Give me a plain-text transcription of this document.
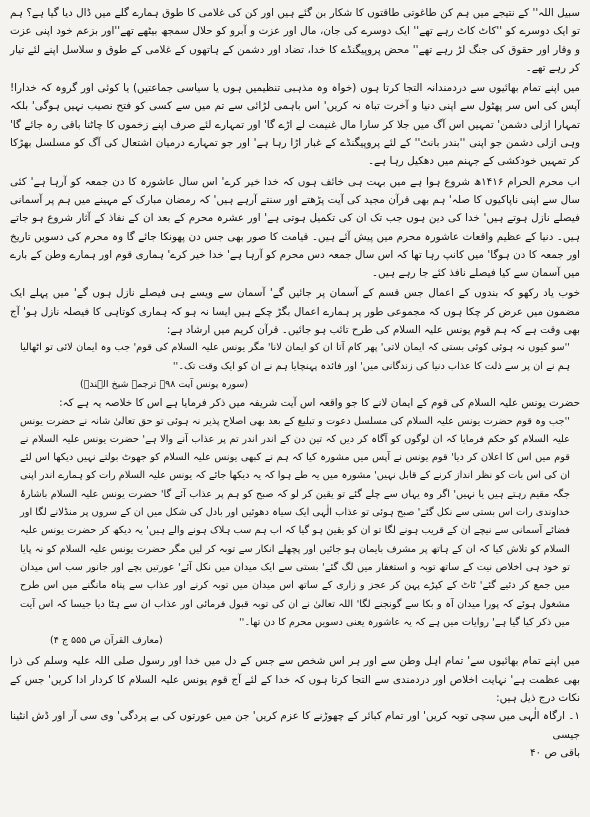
سبیل اللہ'' کے نتیجے میں ہم کن طاغوتی طاقتوں کا شکار بن گئے ہیں اور کن کی غلامی کا طوق ہمارے گلے میں ڈال دیا گیا ہے؟ ہم تو ایک دوسرے کو ''کاٹ کاٹ رہے تھے'' ایک دوسرے کی جان، مال اور عزت و آبرو کو حلال سمجھ بیٹھے تھے''اور بزعم خود اپنی عزت و وقار اور حقوق کی جنگ لڑ رہے تھے'' محض پروپیگنڈے کا خدا، تضاد اور دشمن کے ہاتھوں کے غلامی کے طوق و سلاسل اپنے لئے تیار کر رہے تھے۔

میں اپنے تمام بھائیوں سے دردمندانہ التجا کرتا ہوں (خواہ وہ مذہبی تنظیمیں ہوں یا سیاسی جماعتیں) یا کوئی اور گروہ کہ خدارا! آپس کی اس سر پھٹول سے اپنی دنیا و آخرت تباہ نہ کریں' اس باہمی لڑائی سے تم میں سے کسی کو فتح نصیب نہیں ہوگی' بلکہ تمہارا ازلی دشمن' تمہیں اس آگ میں جلا کر سارا مال غنیمت لے اڑے گا' اور تمہارے لئے صرف اپنے زخموں کا چاٹنا باقی رہ جائے گا' وہی ازلی دشمن جو اپنی ''بندر بانٹ'' کے لئے پروپیگنڈے کے غبار اڑا رہا ہے' اور جو تمہارے درمیان اشتعال کی آگ کو مسلسل بھڑکا کر تمہیں خودکشی کے جہنم میں دھکیل رہا ہے۔

اب محرم الحرام ۱۴۱۶ھ شروع ہوا ہے میں بہت ہی خائف ہوں کہ خدا خیر کرے' اس سال عاشورہ کا دن جمعہ کو آرہا ہے' کئی سال سے اپنی ناپاکیوں کا صلہ' ہم بھی قرآن مجید کی آیت پڑھتے اور سنتے آرہے ہیں' کہ رمضان مبارک کے مہینے میں ہم پر آسمانی فیصلے نازل ہوتے ہیں' خدا کی دین ہوں جب تک ان کی تکمیل ہوتی ہے' اور عشرہ محرم کے بعد ان کے نفاذ کے آثار شروع ہو جاتے ہیں۔ دنیا کے عظیم واقعات عاشورہ محرم میں پیش آئے ہیں۔ قیامت کا صور بھی جس دن پھونکا جائے گا وہ محرم کی دسویں تاریخ اور جمعہ کا دن ہوگا' میں کانپ رہا تھا کہ اس سال جمعہ دس محرم کو آرہا ہے' خدا خیر کرے' ہماری قوم اور ہمارے وطن کے بارے میں آسمان سے کیا فیصلے نافذ کئے جا رہے ہیں۔

خوب یاد رکھو کہ بندوں کے اعمال جس قسم کے آسمان پر جائیں گے' آسمان سے ویسے ہی فیصلے نازل ہوں گے' میں پہلے ایک مضمون میں عرض کر چکا ہوں کہ مجموعی طور پر ہمارے اعمال بگڑ چکے ہیں ایسا نہ ہو کہ ہماری کوتاہی کا فیصلہ نازل ہو' آج بھی وقت ہے کہ ہم قوم یونس علیہ السلام کی طرح تائب ہو جائیں۔ قرآن کریم میں ارشاد ہے:

''سو کیوں نہ ہوئی کوئی بستی کہ ایمان لاتی' پھر کام آتا ان کو ایمان لانا' مگر یونس علیہ السلام کی قوم' جب وہ ایمان لائی تو اٹھالیا ہم نے ان پر سے ذلت کا عذاب دنیا کی زندگانی میں' اور فائدہ پہنچایا ہم نے ان کو ایک وقت تک۔''

(سورہ یونس آیت ۹۸۔ ترجمہ شیخ الہندؒ)

حضرت یونس علیہ السلام کی قوم کے ایمان لانے کا جو واقعہ اس آیت شریفہ میں ذکر فرمایا ہے اس کا خلاصہ یہ ہے کہ:

''جب وہ قوم حضرت یونس علیہ السلام کی مسلسل دعوت و تبلیغ کے بعد بھی اصلاح پذیر نہ ہوئی تو حق تعالیٰ شانہ نے حضرت یونس علیہ السلام کو حکم فرمایا کہ ان لوگوں کو آگاہ کر دیں کہ تین دن کے اندر اندر تم پر عذاب آنے والا ہے' حضرت یونس علیہ السلام نے قوم میں اس کا اعلان کر دیا' قوم یونس نے آپس میں مشورہ کیا کہ ہم نے کبھی یونس علیہ السلام کو جھوٹ بولتے نہیں دیکھا اس لئے ان کی اس بات کو نظر انداز کرنے کے قابل نہیں' مشورہ میں یہ طے ہوا کہ یہ دیکھا جائے کہ یونس علیہ السلام رات کو ہمارے اندر اپنی جگہ مقیم رہتے ہیں یا نہیں' اگر وہ یہاں سے چلے گئے تو یقین کر لو کہ صبح کو ہم پر عذاب آئے گا' حضرت یونس علیہ السلام باشارۂ خداوندی رات اس بستی سے نکل گئے' صبح ہوئی تو عذاب الٰہی ایک سیاہ دھوئیں اور بادل کی شکل میں ان کے سروں پر منڈلانے لگا اور فضائے آسمانی سے نیچے ان کے قریب ہونے لگا تو ان کو یقین ہو گیا کہ اب ہم سب ہلاک ہونے والے ہیں' یہ دیکھ کر حضرت یونس علیہ السلام کو تلاش کیا کہ ان کے ہاتھ پر مشرف بایمان ہو جائیں اور پچھلے انکار سے توبہ کر لیں مگر حضرت یونس علیہ السلام کو نہ پایا تو خود ہی اخلاص نیت کے ساتھ توبہ و استغفار میں لگ گئے' بستی سے ایک میدان میں نکل آئے' عورتیں بچے اور جانور سب اس میدان میں جمع کر دئیے گئے' ٹاٹ کے کپڑے پہن کر عجز و زاری کے ساتھ اس میدان میں توبہ کرنے اور عذاب سے پناہ مانگنے میں اس طرح مشغول ہوئے کہ پورا میدان آہ و بکا سے گونجنے لگا' اللہ تعالیٰ نے ان کی توبہ قبول فرمائی اور عذاب ان سے ہٹا دیا جیسا کہ اس آیت میں ذکر کیا گیا ہے' روایات میں ہے کہ یہ عاشورہ یعنی دسویں محرم کا دن تھا۔''

(معارف القرآن ص ۵۵۵ ج ۴)

میں اپنے تمام بھائیوں سے' تمام اہل وطن سے اور ہر اس شخص سے جس کے دل میں خدا اور رسول صلی اللہ علیہ وسلم کی ذرا بھی عظمت ہے' نہایت اخلاص اور دردمندی سے التجا کرتا ہوں کہ خدا کے لئے آج قوم یونس علیہ السلام کا کردار ادا کریں' جس کے نکات درج ذیل ہیں:

۱۔ ارگاہ الٰہی میں سچی توبہ کریں' اور تمام کبائر کے چھوڑنے کا عزم کریں' جن میں عورتوں کی بے پردگی' وی سی آر اور ڈش انٹینا جیسی

باقی ص ۴۰
